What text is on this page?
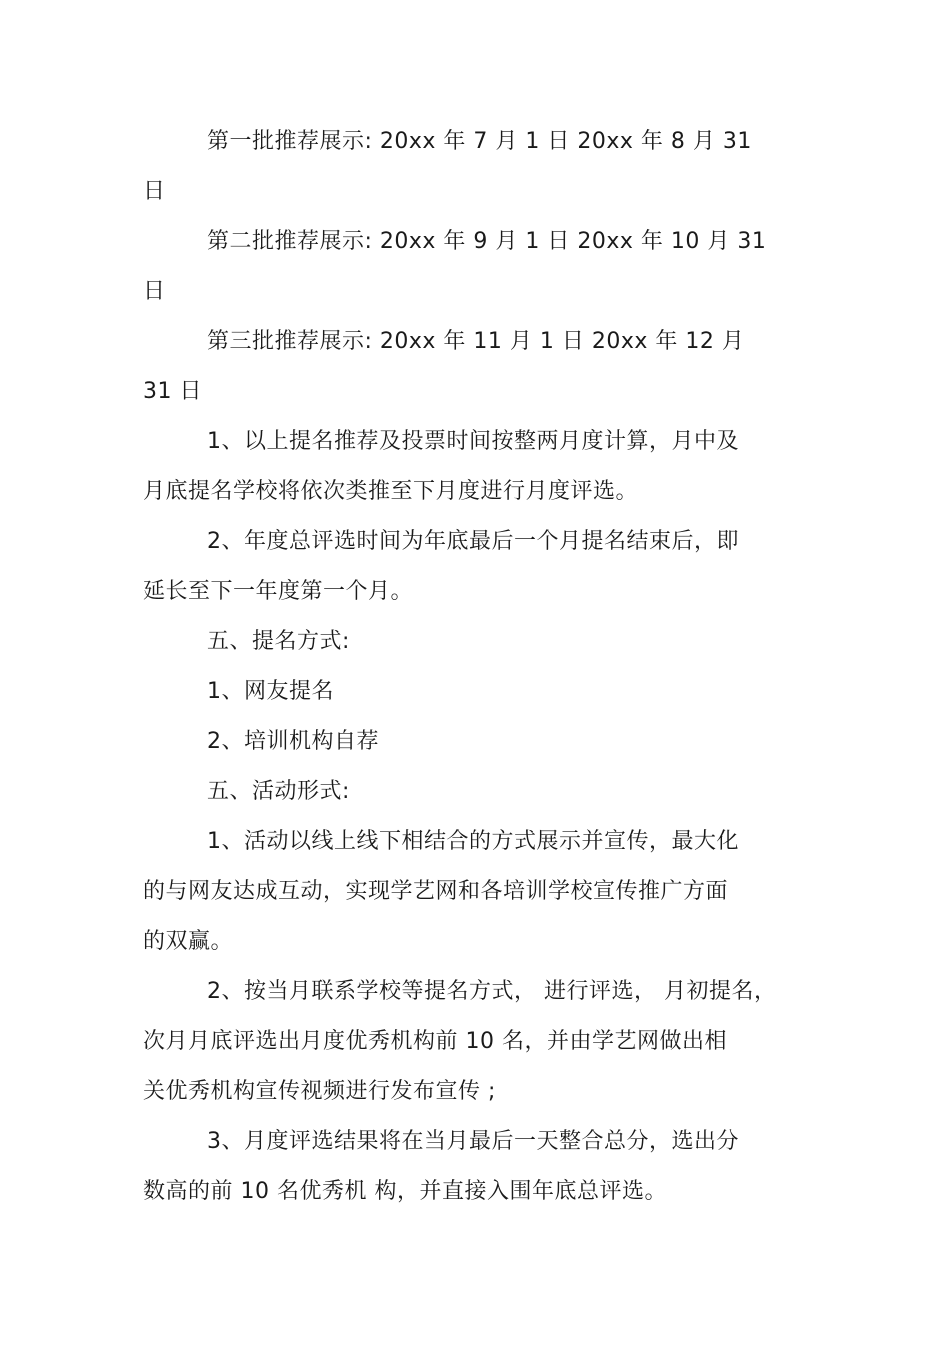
第一批推荐展示: 20xx 年 7 月 1 日 20xx 年 8 月 31
日
第二批推荐展示: 20xx 年 9 月 1 日 20xx 年 10 月 31
日
第三批推荐展示: 20xx 年 11 月 1 日 20xx 年 12 月
31 日
1、以上提名推荐及投票时间按整两月度计算，月中及
月底提名学校将依次类推至下月度进行月度评选。
2、年度总评选时间为年底最后一个月提名结束后，即
延长至下一年度第一个月。
五、提名方式:
1、网友提名
2、培训机构自荐
五、活动形式:
1、活动以线上线下相结合的方式展示并宣传，最大化
的与网友达成互动，实现学艺网和各培训学校宣传推广方面
的双赢。
2、按当月联系学校等提名方式， 进行评选， 月初提名，
次月月底评选出月度优秀机构前 10 名，并由学艺网做出相
关优秀机构宣传视频进行发布宣传 ;
3、月度评选结果将在当月最后一天整合总分，选出分
数高的前 10 名优秀机 构，并直接入围年底总评选。
